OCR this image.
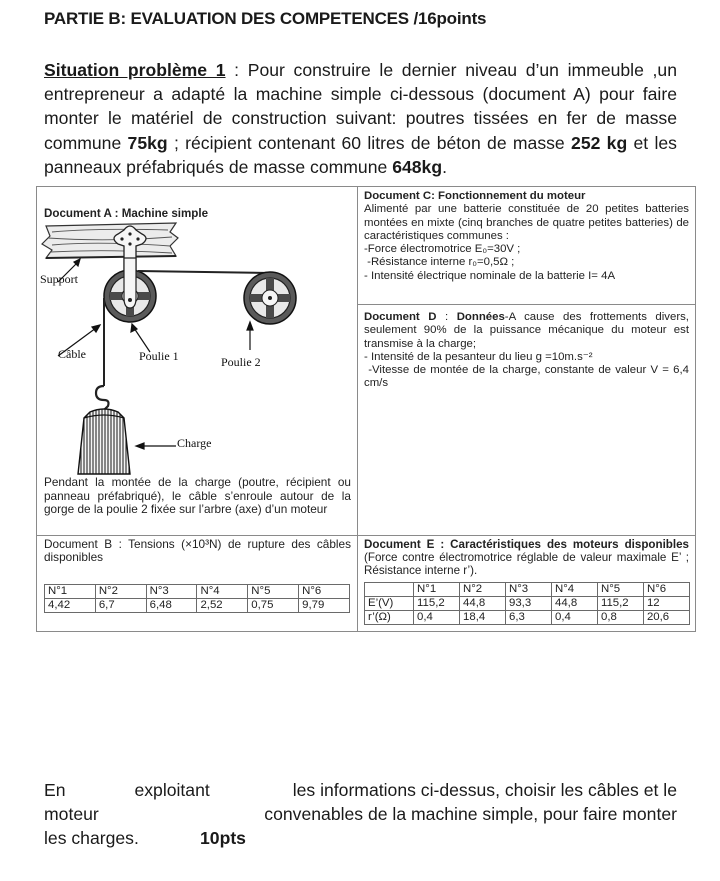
PARTIE B: EVALUATION DES COMPETENCES /16points

Situation problème 1 : Pour construire le dernier niveau d’un immeuble ,un entrepreneur a adapté la machine simple ci-dessous (document A) pour faire monter le matériel de construction suivant: poutres tissées en fer de masse commune 75kg ; récipient contenant 60 litres de béton de masse 252 kg et les panneaux préfabriqués de masse commune 648kg.

Document A : Machine simple
Support
Câble	Poulie 1	Poulie 2
Charge

Pendant la montée de la charge (poutre, récipient ou panneau préfabriqué), le câble s’enroule autour de la gorge de la poulie 2 fixée sur l’arbre (axe) d’un moteur

Document C: Fonctionnement du moteur
Alimenté par une batterie constituée de 20 petites batteries montées en mixte (cinq branches de quatre petites batteries) de caractéristiques communes :
-Force électromotrice E₀=30V ;
-Résistance interne r₀=0,5Ω ;
- Intensité électrique nominale de la batterie I= 4A
Document D : Données-A cause des frottements divers, seulement 90% de la puissance mécanique du moteur est transmise à la charge;
- Intensité de la pesanteur du lieu g =10m.s⁻²
-Vitesse de montée de la charge, constante de valeur V = 6,4 cm/s
Document B : Tensions (×10³N) de rupture des câbles disponibles
N°1	N°2	N°3	N°4	N°5	N°6
4,42	6,7	6,48	2,52	0,75	9,79
Document E : Caractéristiques des moteurs disponibles (Force contre électromotrice réglable de valeur maximale E’ ; Résistance interne r’).
	N°1	N°2	N°3	N°4	N°5	N°6
E’(V)	115,2	44,8	93,3	44,8	115,2	12
r’(Ω)	0,4	18,4	6,3	0,4	0,8	20,6
En	exploitant	les informations ci-dessus, choisir les câbles et le
moteur	convenables de la machine simple, pour faire monter
les charges.	10pts
